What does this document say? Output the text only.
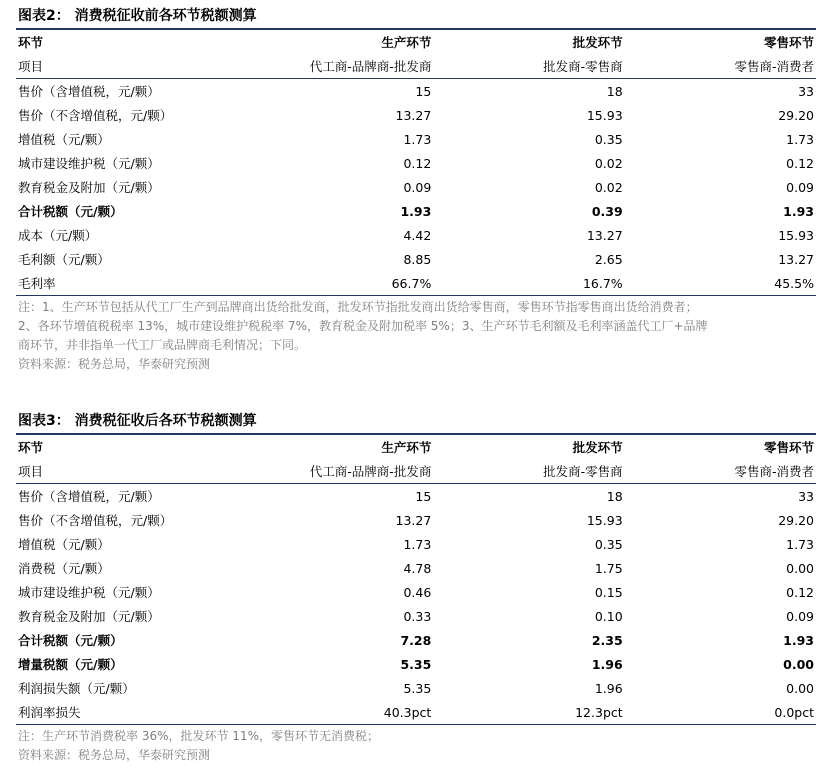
图表2： 消费税征收前各环节税额测算
环节	生产环节	批发环节	零售环节
项目	代工商-品牌商-批发商	批发商-零售商	零售商-消费者
售价（含增值税，元/颗）	15	18	33
售价（不含增值税，元/颗）	13.27	15.93	29.20
增值税（元/颗）	1.73	0.35	1.73
城市建设维护税（元/颗）	0.12	0.02	0.12
教育税金及附加（元/颗）	0.09	0.02	0.09
合计税额（元/颗）	1.93	0.39	1.93
成本（元/颗）	4.42	13.27	15.93
毛利额（元/颗）	8.85	2.65	13.27
毛利率	66.7%	16.7%	45.5%
注：1、生产环节包括从代工厂生产到品牌商出货给批发商，批发环节指批发商出货给零售商，零售环节指零售商出货给消费者；
2、各环节增值税税率 13%，城市建设维护税税率 7%，教育税金及附加税率 5%；3、生产环节毛利额及毛利率涵盖代工厂+品牌
商环节，并非指单一代工厂或品牌商毛利情况；下同。
资料来源：税务总局，华泰研究预测
图表3： 消费税征收后各环节税额测算
环节	生产环节	批发环节	零售环节
项目	代工商-品牌商-批发商	批发商-零售商	零售商-消费者
售价（含增值税，元/颗）	15	18	33
售价（不含增值税，元/颗）	13.27	15.93	29.20
增值税（元/颗）	1.73	0.35	1.73
消费税（元/颗）	4.78	1.75	0.00
城市建设维护税（元/颗）	0.46	0.15	0.12
教育税金及附加（元/颗）	0.33	0.10	0.09
合计税额（元/颗）	7.28	2.35	1.93
增量税额（元/颗）	5.35	1.96	0.00
利润损失额（元/颗）	5.35	1.96	0.00
利润率损失	40.3pct	12.3pct	0.0pct
注：生产环节消费税率 36%，批发环节 11%，零售环节无消费税；
资料来源：税务总局，华泰研究预测
